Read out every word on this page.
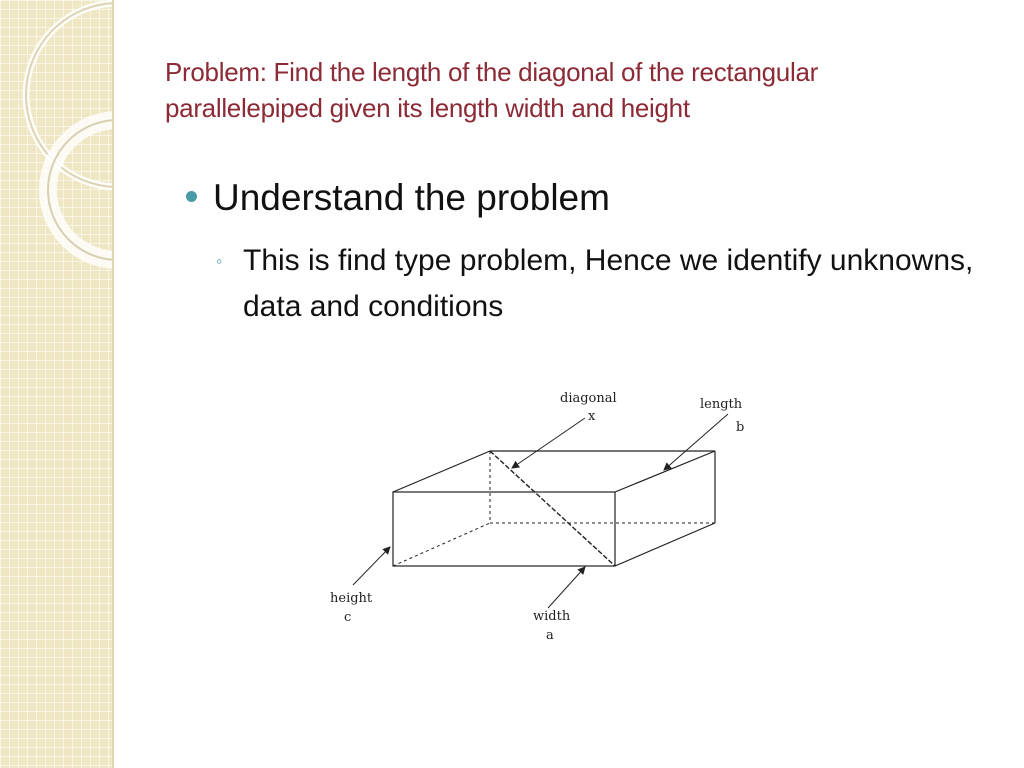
Problem: Find the length of the diagonal of the rectangular parallelepiped given its length width and height
Understand the problem
◦ This is find type problem, Hence we identify unknowns, data and conditions
diagonal
x
length
b
height
c	width
a
